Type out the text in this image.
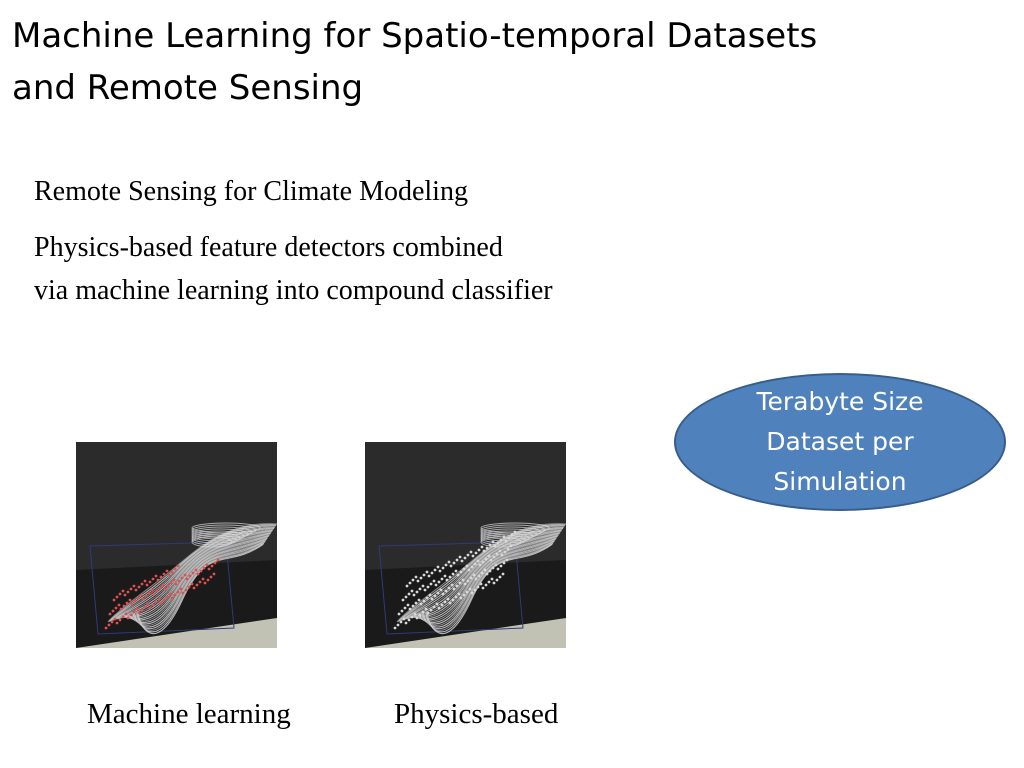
Machine Learning for Spatio-temporal Datasets
and Remote Sensing
Remote Sensing for Climate Modeling
Physics-based feature detectors combined
via machine learning into compound classifier
Terabyte Size
Dataset per
Simulation
Machine learning	Physics-based
